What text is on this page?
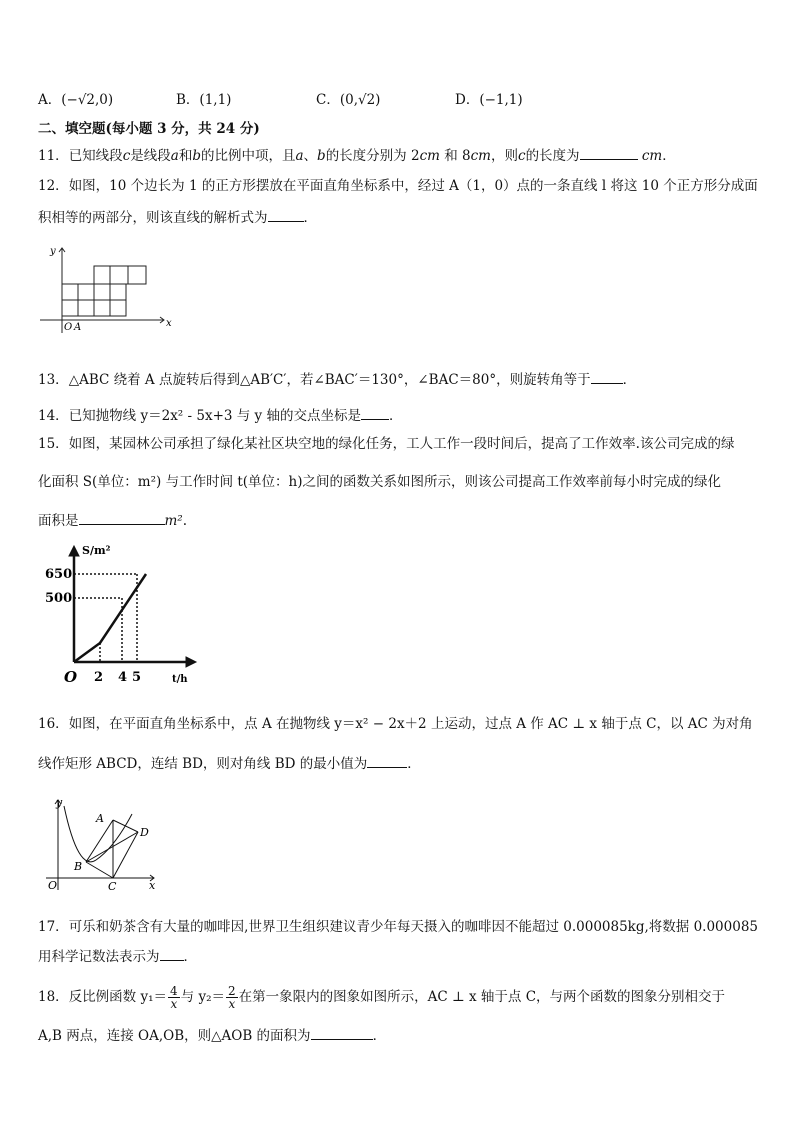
A．(−√2,0)	B．(1,1)	C．(0,√2)	D．(−1,1)
二、填空题(每小题 3 分，共 24 分)
11．已知线段c是线段a和b的比例中项，且a、b的长度分别为 2cm 和 8cm，则c的长度为	cm．
12．如图，10 个边长为 1 的正方形摆放在平面直角坐标系中，经过 A（1，0）点的一条直线 l 将这 10 个正方形分成面
积相等的两部分，则该直线的解析式为	．
y
x
O A
13．△ABC 绕着 A 点旋转后得到△AB′C′，若∠BAC′＝130°，∠BAC＝80°，则旋转角等于 ．
14．已知抛物线 y＝2x² - 5x+3 与 y 轴的交点坐标是 ．
15．如图，某园林公司承担了绿化某社区块空地的绿化任务，工人工作一段时间后，提高了工作效率.该公司完成的绿
化面积 S(单位：m²) 与工作时间 t(单位：h)之间的函数关系如图所示，则该公司提高工作效率前每小时完成的绿化
面积是	m².
S/m²
t/h
O
650
500
2 4 5
16．如图，在平面直角坐标系中，点 A 在抛物线 y＝x² − 2x＋2 上运动，过点 A 作 AC ⊥ x 轴于点 C，以 AC 为对角
线作矩形 ABCD，连结 BD，则对角线 BD 的最小值为	．
y
x
O
A
B
C
D
17．可乐和奶茶含有大量的咖啡因,世界卫生组织建议青少年每天摄入的咖啡因不能超过 0.000085kg,将数据 0.000085
用科学记数法表示为 ．
18．反比例函数 $y_1= \frac{4}{x}$ 与 $y_2= \frac{2}{x}$ 在第一象限内的图象如图所示，AC ⊥ x 轴于点 C，与两个函数的图象分别相交于
A,B 两点，连接 OA,OB，则△AOB 的面积为	．
